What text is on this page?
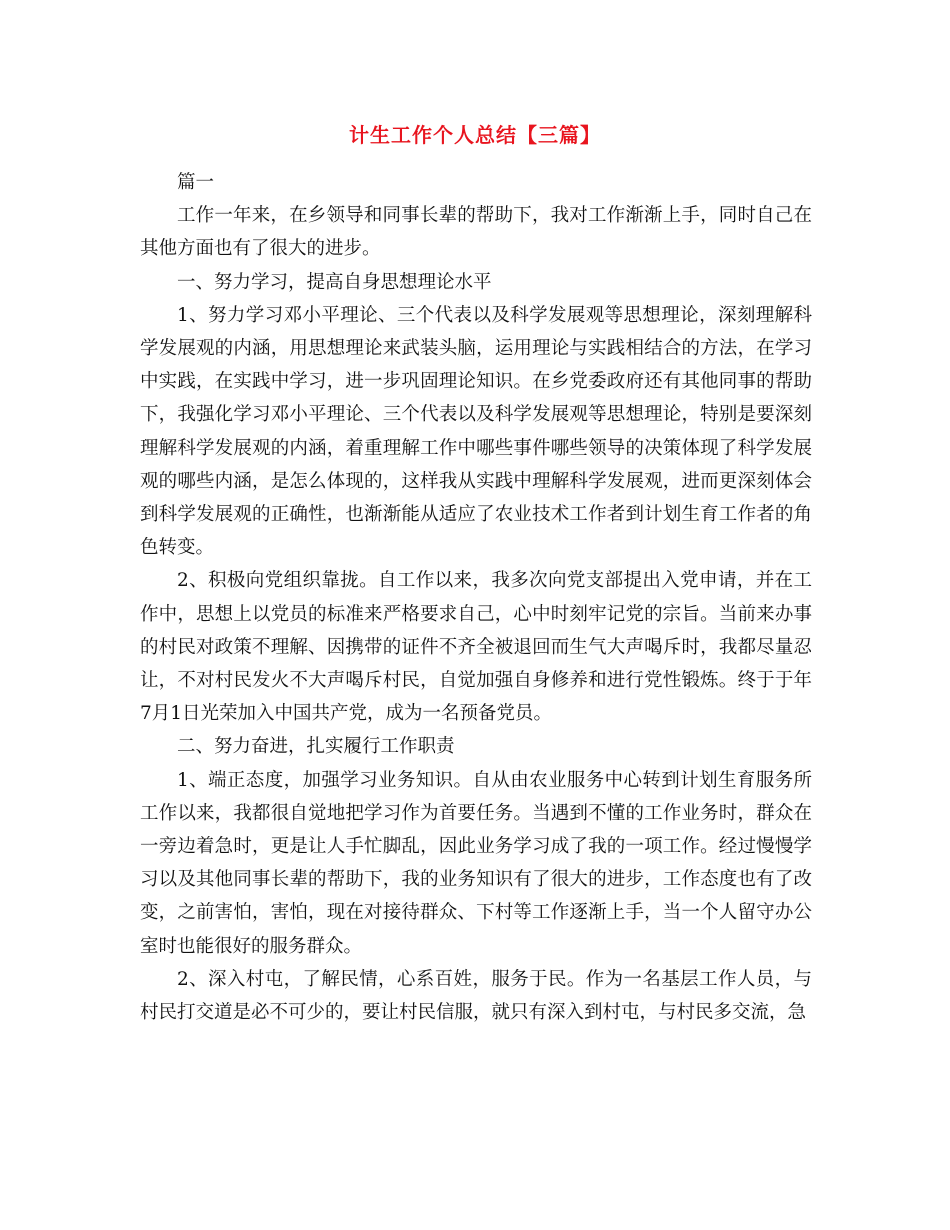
计生工作个人总结【三篇】

篇一

工作一年来，在乡领导和同事长辈的帮助下，我对工作渐渐上手，同时自己在其他方面也有了很大的进步。

一、努力学习，提高自身思想理论水平

1、努力学习邓小平理论、三个代表以及科学发展观等思想理论，深刻理解科学发展观的内涵，用思想理论来武装头脑，运用理论与实践相结合的方法，在学习中实践，在实践中学习，进一步巩固理论知识。在乡党委政府还有其他同事的帮助下，我强化学习邓小平理论、三个代表以及科学发展观等思想理论，特别是要深刻理解科学发展观的内涵，着重理解工作中哪些事件哪些领导的决策体现了科学发展观的哪些内涵，是怎么体现的，这样我从实践中理解科学发展观，进而更深刻体会到科学发展观的正确性，也渐渐能从适应了农业技术工作者到计划生育工作者的角色转变。

2、积极向党组织靠拢。自工作以来，我多次向党支部提出入党申请，并在工作中，思想上以党员的标准来严格要求自己，心中时刻牢记党的宗旨。当前来办事的村民对政策不理解、因携带的证件不齐全被退回而生气大声喝斥时，我都尽量忍让，不对村民发火不大声喝斥村民，自觉加强自身修养和进行党性锻炼。终于于年7月1日光荣加入中国共产党，成为一名预备党员。

二、努力奋进，扎实履行工作职责

1、端正态度，加强学习业务知识。自从由农业服务中心转到计划生育服务所工作以来，我都很自觉地把学习作为首要任务。当遇到不懂的工作业务时，群众在一旁边着急时，更是让人手忙脚乱，因此业务学习成了我的一项工作。经过慢慢学习以及其他同事长辈的帮助下，我的业务知识有了很大的进步，工作态度也有了改变，之前害怕，害怕，现在对接待群众、下村等工作逐渐上手，当一个人留守办公室时也能很好的服务群众。

2、深入村屯，了解民情，心系百姓，服务于民。作为一名基层工作人员，与村民打交道是必不可少的，要让村民信服，就只有深入到村屯，与村民多交流，急
